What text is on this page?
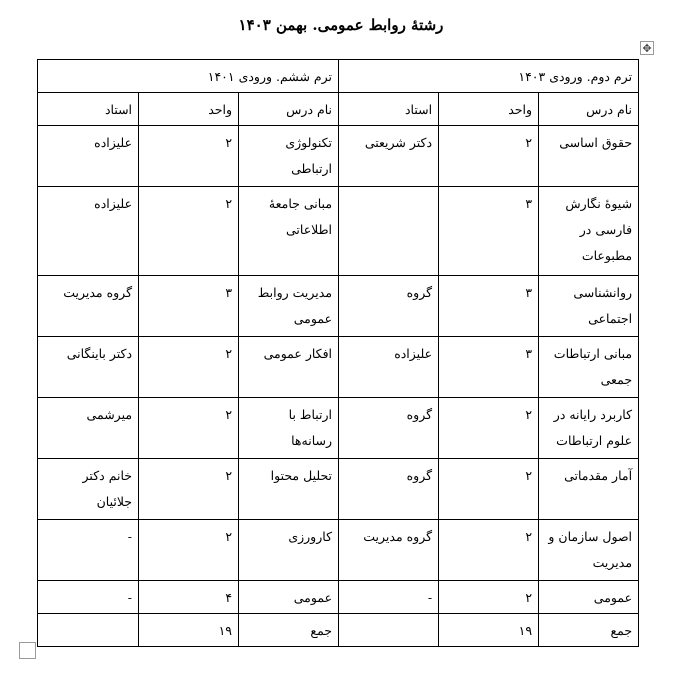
رشتهٔ روابط عمومی. بهمن ۱۴۰۳
✥
ترم دوم. ورودی ۱۴۰۳			ترم ششم. ورودی ۱۴۰۱		
نام درس	واحد	استاد	نام درس	واحد	استاد
حقوق اساسی	۲	دکتر شریعتی	تکنولوژی ارتباطی	۲	علیزاده
شیوهٔ نگارش فارسی در مطبوعات	۳		مبانی جامعهٔ اطلاعاتی	۲	علیزاده
روانشناسی اجتماعی	۳	گروه	مدیریت روابط عمومی	۳	گروه مدیریت
مبانی ارتباطات جمعی	۳	علیزاده	افکار عمومی	۲	دکتر باینگانی
کاربرد رایانه در علوم ارتباطات	۲	گروه	ارتباط با رسانه‌ها	۲	میرشمی
آمار مقدماتی	۲	گروه	تحلیل محتوا	۲	خانم دکتر جلائیان
اصول سازمان و مدیریت	۲	گروه مدیریت	کارورزی	۲	-
عمومی	۲	-	عمومی	۴	-
جمع	۱۹		جمع	۱۹	
